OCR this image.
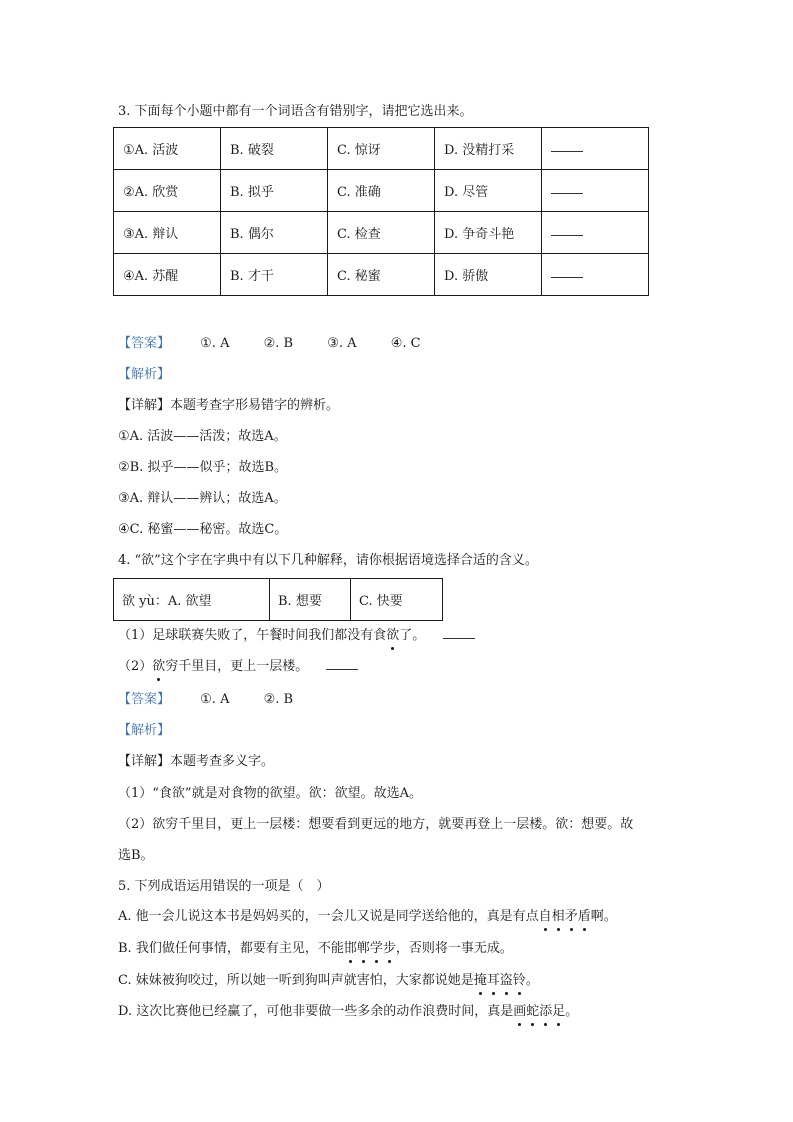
3. 下面每个小题中都有一个词语含有错别字，请把它选出来。
①A. 活波	B. 破裂	C. 惊讶	D. 没精打采	
②A. 欣赏	B. 拟乎	C. 准确	D. 尽管	
③A. 辩认	B. 偶尔	C. 检查	D. 争奇斗艳	
④A. 苏醒	B. 才干	C. 秘蜜	D. 骄傲	
【答案】 ①. A	②. B	③. A	④. C
【解析】
【详解】本题考查字形易错字的辨析。
①A. 活波——活泼；故选A。
②B. 拟乎——似乎；故选B。
③A. 辩认——辨认；故选A。
④C. 秘蜜——秘密。故选C。
4. “欲”这个字在字典中有以下几种解释，请你根据语境选择合适的含义。
欲 yù：A. 欲望	B. 想要	C. 快要
（1）足球联赛失败了，午餐时间我们都没有食欲了。
（2）欲穷千里目，更上一层楼。
【答案】 ①. A	②. B
【解析】
【详解】本题考查多义字。
（1）“食欲”就是对食物的欲望。欲：欲望。故选A。
（2）欲穷千里目，更上一层楼：想要看到更远的地方，就要再登上一层楼。欲：想要。故
选B。
5. 下列成语运用错误的一项是（　）
A. 他一会儿说这本书是妈妈买的，一会儿又说是同学送给他的，真是有点自相矛盾啊。
B. 我们做任何事情，都要有主见，不能邯郸学步，否则将一事无成。
C. 妹妹被狗咬过，所以她一听到狗叫声就害怕，大家都说她是掩耳盗铃。
D. 这次比赛他已经赢了，可他非要做一些多余的动作浪费时间，真是画蛇添足。
